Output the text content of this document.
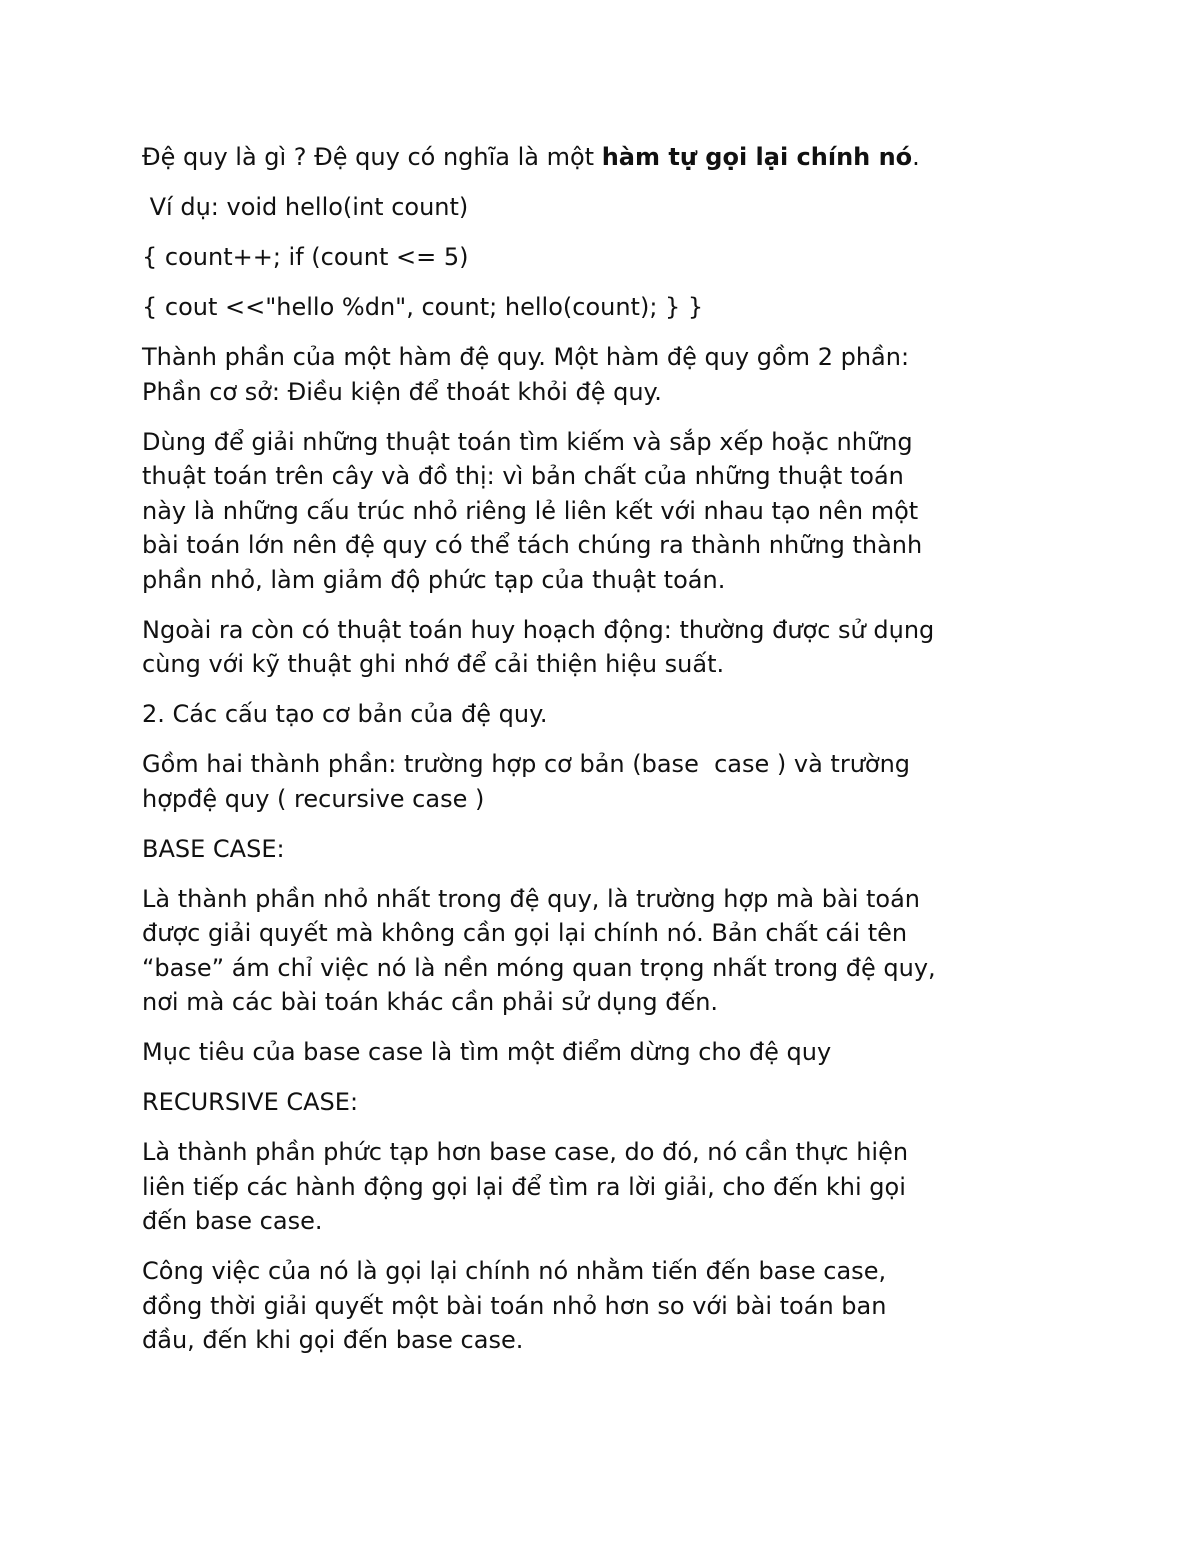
Đệ quy là gì ? Đệ quy có nghĩa là một hàm tự gọi lại chính nó.

Ví dụ: void hello(int count)

{ count++; if (count <= 5)

{ cout <<"hello %dn", count; hello(count); } }

Thành phần của một hàm đệ quy. Một hàm đệ quy gồm 2 phần:
Phần cơ sở: Điều kiện để thoát khỏi đệ quy.

Dùng để giải những thuật toán tìm kiếm và sắp xếp hoặc những
thuật toán trên cây và đồ thị: vì bản chất của những thuật toán
này là những cấu trúc nhỏ riêng lẻ liên kết với nhau tạo nên một
bài toán lớn nên đệ quy có thể tách chúng ra thành những thành
phần nhỏ, làm giảm độ phức tạp của thuật toán.

Ngoài ra còn có thuật toán huy hoạch động: thường được sử dụng
cùng với kỹ thuật ghi nhớ để cải thiện hiệu suất.

2. Các cấu tạo cơ bản của đệ quy.

Gồm hai thành phần: trường hợp cơ bản (base  case ) và trường
hợpđệ quy ( recursive case )

BASE CASE:

Là thành phần nhỏ nhất trong đệ quy, là trường hợp mà bài toán
được giải quyết mà không cần gọi lại chính nó. Bản chất cái tên
“base” ám chỉ việc nó là nền móng quan trọng nhất trong đệ quy,
nơi mà các bài toán khác cần phải sử dụng đến.

Mục tiêu của base case là tìm một điểm dừng cho đệ quy

RECURSIVE CASE:

Là thành phần phức tạp hơn base case, do đó, nó cần thực hiện
liên tiếp các hành động gọi lại để tìm ra lời giải, cho đến khi gọi
đến base case.

Công việc của nó là gọi lại chính nó nhằm tiến đến base case,
đồng thời giải quyết một bài toán nhỏ hơn so với bài toán ban
đầu, đến khi gọi đến base case.
